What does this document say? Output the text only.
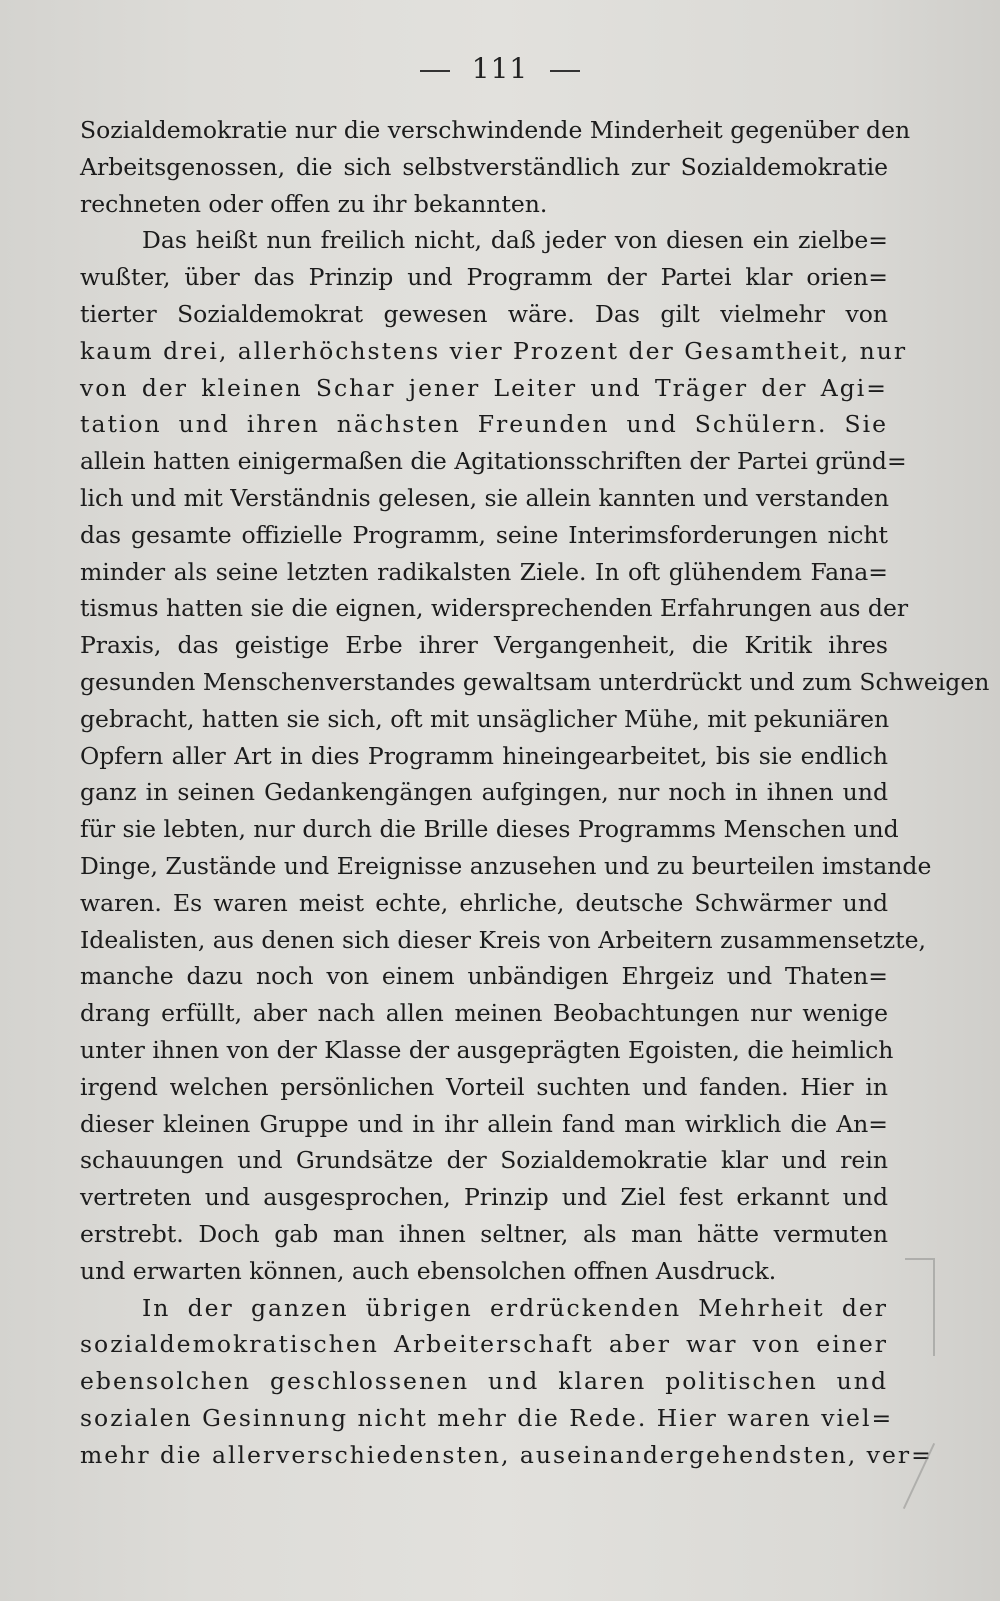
111
Sozialdemokratie nur die verschwindende Minderheit gegenüber den
Arbeitsgenossen, die sich selbstverständlich zur Sozialdemokratie
rechneten oder offen zu ihr bekannten.
Das heißt nun freilich nicht, daß jeder von diesen ein zielbe=
wußter, über das Prinzip und Programm der Partei klar orien=
tierter Sozialdemokrat gewesen wäre. Das gilt vielmehr von
kaum drei, allerhöchstens vier Prozent der Gesamtheit, nur
von der kleinen Schar jener Leiter und Träger der Agi=
tation und ihren nächsten Freunden und Schülern. Sie
allein hatten einigermaßen die Agitationsschriften der Partei gründ=
lich und mit Verständnis gelesen, sie allein kannten und verstanden
das gesamte offizielle Programm, seine Interimsforderungen nicht
minder als seine letzten radikalsten Ziele. In oft glühendem Fana=
tismus hatten sie die eignen, widersprechenden Erfahrungen aus der
Praxis, das geistige Erbe ihrer Vergangenheit, die Kritik ihres
gesunden Menschenverstandes gewaltsam unterdrückt und zum Schweigen
gebracht, hatten sie sich, oft mit unsäglicher Mühe, mit pekuniären
Opfern aller Art in dies Programm hineingearbeitet, bis sie endlich
ganz in seinen Gedankengängen aufgingen, nur noch in ihnen und
für sie lebten, nur durch die Brille dieses Programms Menschen und
Dinge, Zustände und Ereignisse anzusehen und zu beurteilen imstande
waren. Es waren meist echte, ehrliche, deutsche Schwärmer und
Idealisten, aus denen sich dieser Kreis von Arbeitern zusammensetzte,
manche dazu noch von einem unbändigen Ehrgeiz und Thaten=
drang erfüllt, aber nach allen meinen Beobachtungen nur wenige
unter ihnen von der Klasse der ausgeprägten Egoisten, die heimlich
irgend welchen persönlichen Vorteil suchten und fanden. Hier in
dieser kleinen Gruppe und in ihr allein fand man wirklich die An=
schauungen und Grundsätze der Sozialdemokratie klar und rein
vertreten und ausgesprochen, Prinzip und Ziel fest erkannt und
erstrebt. Doch gab man ihnen seltner, als man hätte vermuten
und erwarten können, auch ebensolchen offnen Ausdruck.
In der ganzen übrigen erdrückenden Mehrheit der
sozialdemokratischen Arbeiterschaft aber war von einer
ebensolchen geschlossenen und klaren politischen und
sozialen Gesinnung nicht mehr die Rede. Hier waren viel=
mehr die allerverschiedensten, auseinandergehendsten, ver=
